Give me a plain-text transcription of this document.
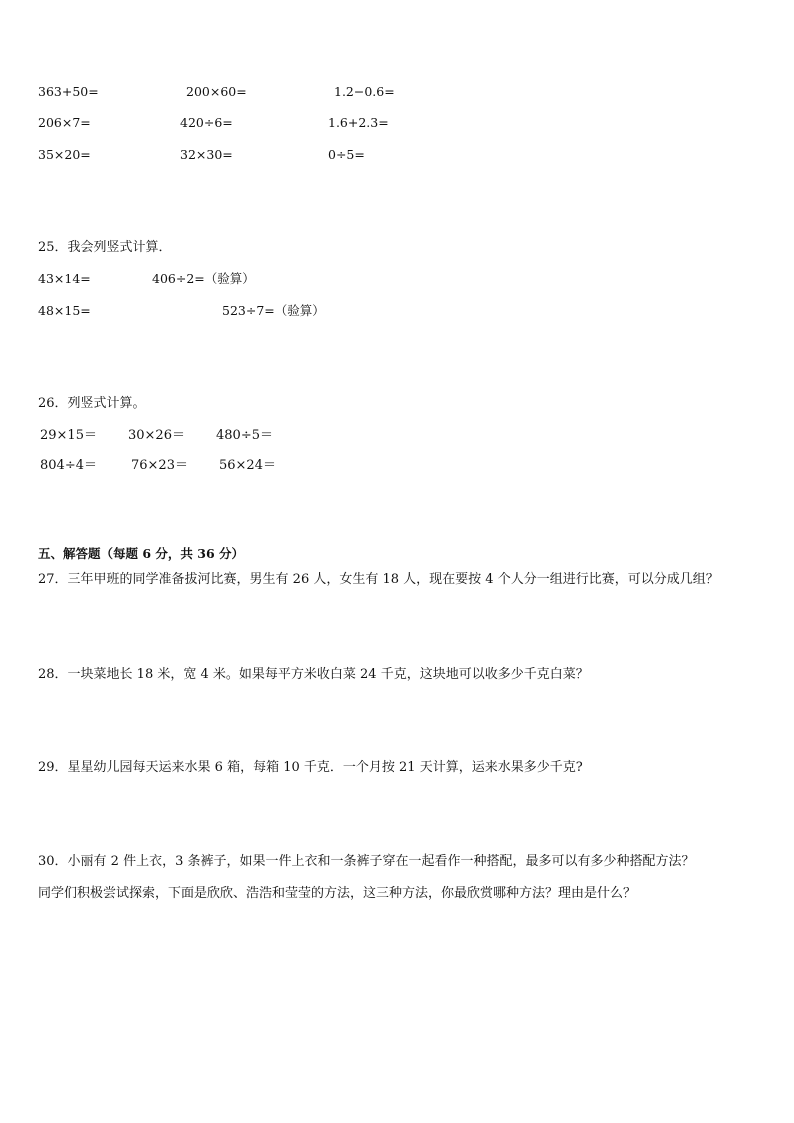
363+50=	200×60=	1.2−0.6=
206×7=	420÷6=	1.6+2.3=
35×20=	32×30=	0÷5=
25．我会列竖式计算．
43×14=	406÷2=（验算）
48×15=	523÷7=（验算）
26．列竖式计算。
29×15＝ 30×26＝ 480÷5＝
804÷4＝	76×23＝ 56×24＝
五、解答题（每题 6 分，共 36 分）
27．三年甲班的同学准备拔河比赛，男生有 26 人，女生有 18 人，现在要按 4 个人分一组进行比赛，可以分成几组？
28．一块菜地长 18 米，宽 4 米。如果每平方米收白菜 24 千克，这块地可以收多少千克白菜？
29．星星幼儿园每天运来水果 6 箱，每箱 10 千克．一个月按 21 天计算，运来水果多少千克?
30．小丽有 2 件上衣，3 条裤子，如果一件上衣和一条裤子穿在一起看作一种搭配，最多可以有多少种搭配方法？
同学们积极尝试探索，下面是欣欣、浩浩和莹莹的方法，这三种方法，你最欣赏哪种方法？理由是什么？
